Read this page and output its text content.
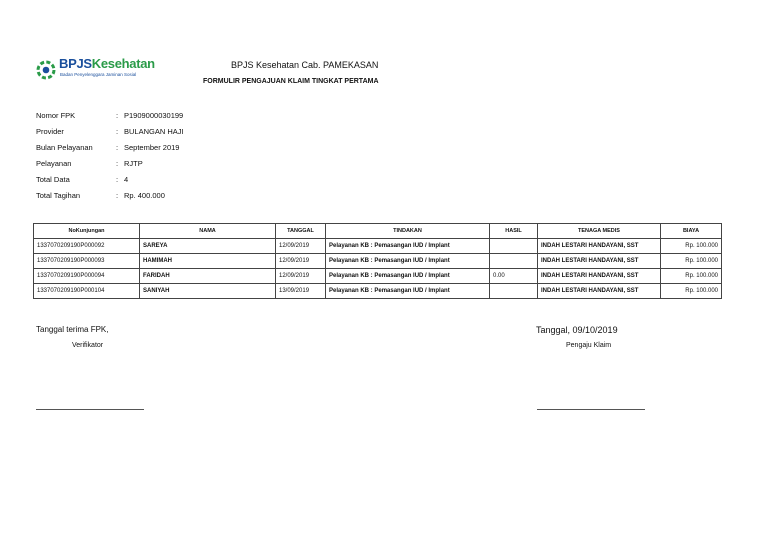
BPJSKesehatan
Badan Penyelenggara Jaminan Sosial
BPJS Kesehatan Cab. PAMEKASAN
FORMULIR PENGAJUAN KLAIM TINGKAT PERTAMA
Nomor FPK	: P1909000030199
Provider	: BULANGAN HAJI
Bulan Pelayanan	: September 2019
Pelayanan	: RJTP
Total Data	: 4
Total Tagihan	: Rp. 400.000
NoKunjungan	NAMA	TANGGAL	TINDAKAN	HASIL	TENAGA MEDIS	BIAYA
1337070209190P000092	SAREYA	12/09/2019	Pelayanan KB : Pemasangan IUD / Implant		INDAH LESTARI HANDAYANI, SST	Rp. 100.000
1337070209190P000093	HAMIMAH	12/09/2019	Pelayanan KB : Pemasangan IUD / Implant		INDAH LESTARI HANDAYANI, SST	Rp. 100.000
1337070209190P000094	FARIDAH	12/09/2019	Pelayanan KB : Pemasangan IUD / Implant	0.00	INDAH LESTARI HANDAYANI, SST	Rp. 100.000
1337070209190P000104	SANIYAH	13/09/2019	Pelayanan KB : Pemasangan IUD / Implant		INDAH LESTARI HANDAYANI, SST	Rp. 100.000
Tanggal terima FPK,
Verifikator
Tanggal, 09/10/2019
Pengaju Klaim
